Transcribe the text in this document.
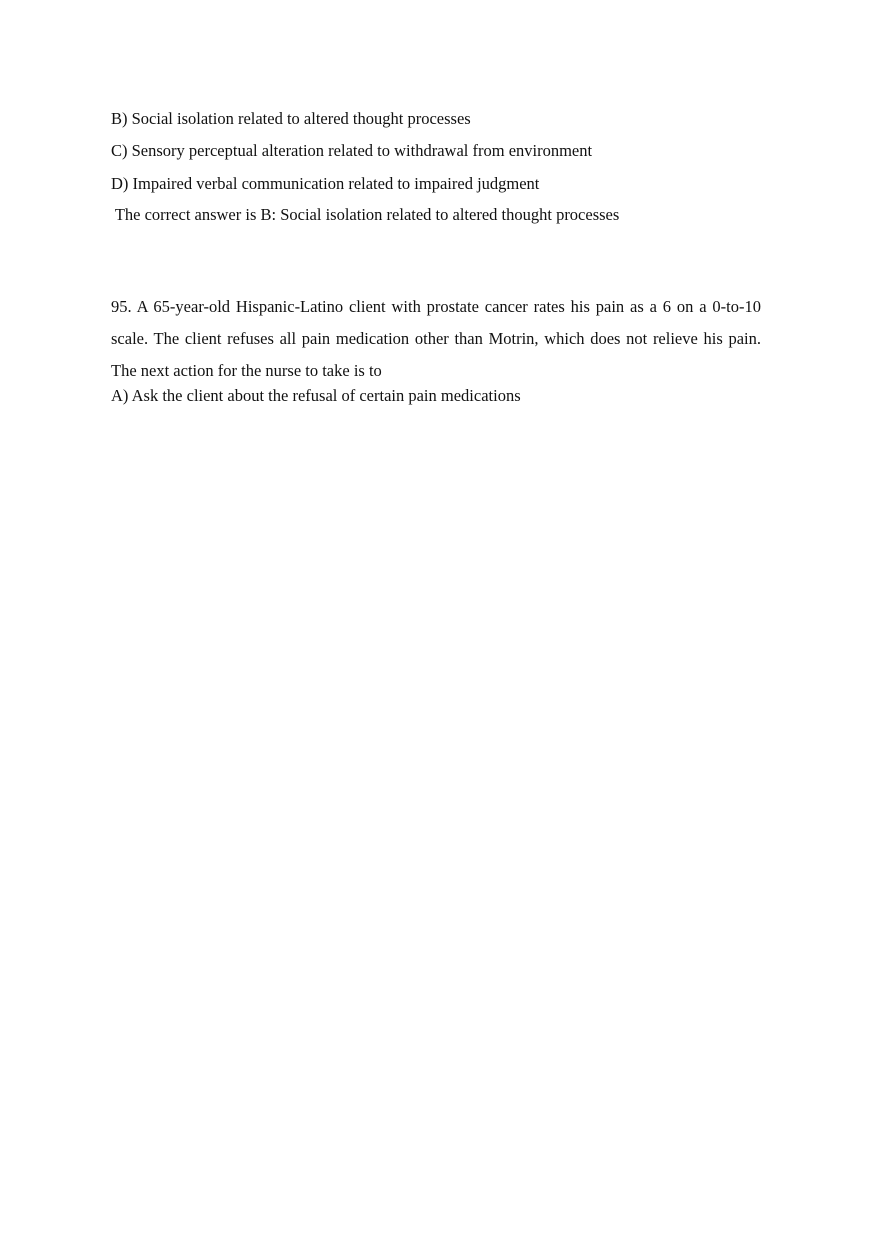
B) Social isolation related to altered thought processes
C) Sensory perceptual alteration related to withdrawal from environment
D) Impaired verbal communication related to impaired judgment
The correct answer is B: Social isolation related to altered thought processes
95. A 65-year-old Hispanic-Latino client with prostate cancer rates his pain as a 6 on a 0-to-10 scale. The client refuses all pain medication other than Motrin, which does not relieve his pain. The next action for the nurse to take is to
A) Ask the client about the refusal of certain pain medications
